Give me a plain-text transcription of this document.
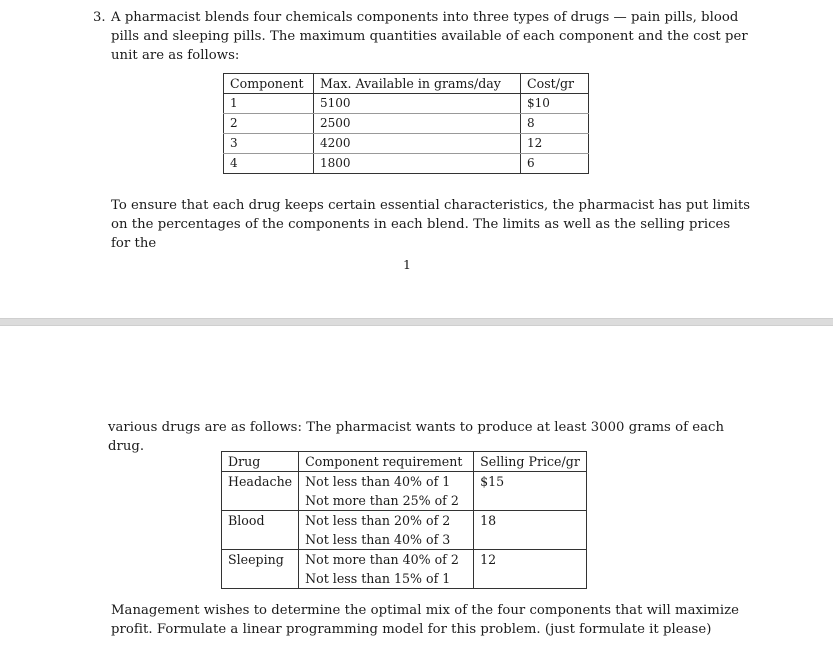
3. A pharmacist blends four chemicals components into three types of drugs — pain pills, blood pills and sleeping pills. The maximum quantities available of each component and the cost per unit are as follows:

Component	Max. Available in grams/day	Cost/gr
1	5100	$10
2	2500	8
3	4200	12
4	1800	6

To ensure that each drug keeps certain essential characteristics, the pharmacist has put limits on the percentages of the components in each blend. The limits as well as the selling prices for the

1

various drugs are as follows: The pharmacist wants to produce at least 3000 grams of each drug.

Drug	Component requirement	Selling Price/gr
Headache	Not less than 40% of 1	$15
	Not more than 25% of 2	
Blood	Not less than 20% of 2	18
	Not less than 40% of 3	
Sleeping	Not more than 40% of 2	12
	Not less than 15% of 1	

Management wishes to determine the optimal mix of the four components that will maximize profit. Formulate a linear programming model for this problem. (just formulate it please)
